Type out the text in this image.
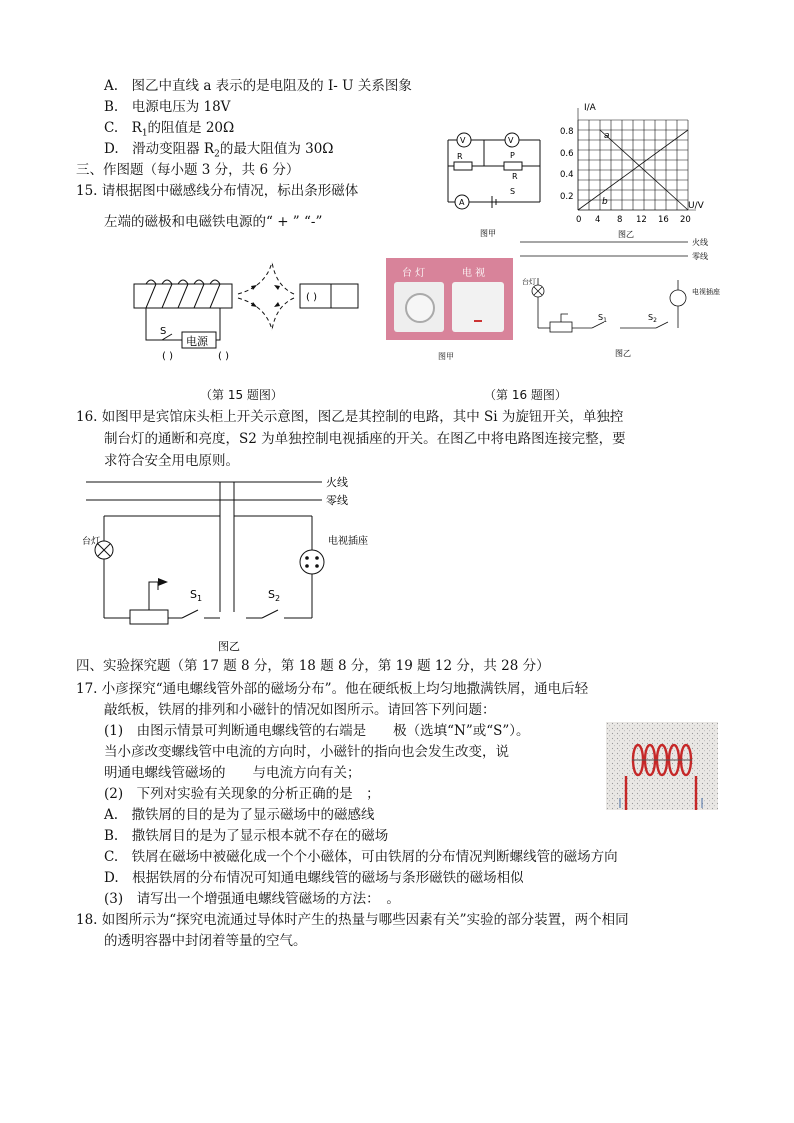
A.　图乙中直线 a 表示的是电阻及的 I- U 关系图象
B.　电源电压为 18V
C.　$R_1$的阻值是 20Ω
D.　滑动变阻器 $R_2$的最大阻值为 30Ω
三、作图题（每小题 3 分，共 6 分）
15. 请根据图中磁感线分布情况，标出条形磁体
左端的磁极和电磁铁电源的“ + ” “-”
V	V
R	P
R
A
S
图甲
I/A
U/V
0.8
0.6
0.4
0.2
0 4 8 12 16 20
a
b
图乙
( )
S
电源
( )	( )
台 灯	电 视
图甲
火线
零线
台灯
电视插座
$S_1$	$S_2$
图乙
（第 15 题图）	（第 16 题图）
16. 如图甲是宾馆床头柜上开关示意图，图乙是其控制的电路，其中 Si 为旋钮开关，单独控
制台灯的通断和亮度，S2 为单独控制电视插座的开关。在图乙中将电路图连接完整，要
求符合安全用电原则。
火线
零线
台灯	电视插座
$S_1$	$S_2$
图乙
四、实验探究题（第 17 题 8 分，第 18 题 8 分，第 19 题 12 分，共 28 分）
17. 小彦探究“通电螺线管外部的磁场分布”。他在硬纸板上均匀地撒满铁屑，通电后轻
敲纸板，铁屑的排列和小磁针的情况如图所示。请回答下列问题：
(1)　由图示情景可判断通电螺线管的右端是　　极（选填“N”或“S”）。
当小彦改变螺线管中电流的方向时，小磁针的指向也会发生改变，说
明通电螺线管磁场的　　与电流方向有关；
(2)　下列对实验有关现象的分析正确的是　；
A.　撒铁屑的目的是为了显示磁场中的磁感线
B.　撒铁屑目的是为了显示根本就不存在的磁场
C.　铁屑在磁场中被磁化成一个个小磁体，可由铁屑的分布情况判断螺线管的磁场方向
D.　根据铁屑的分布情况可知通电螺线管的磁场与条形磁铁的磁场相似
(3)　请写出一个增强通电螺线管磁场的方法：　。
18. 如图所示为“探究电流通过导体时产生的热量与哪些因素有关”实验的部分装置，两个相同
的透明容器中封闭着等量的空气。
